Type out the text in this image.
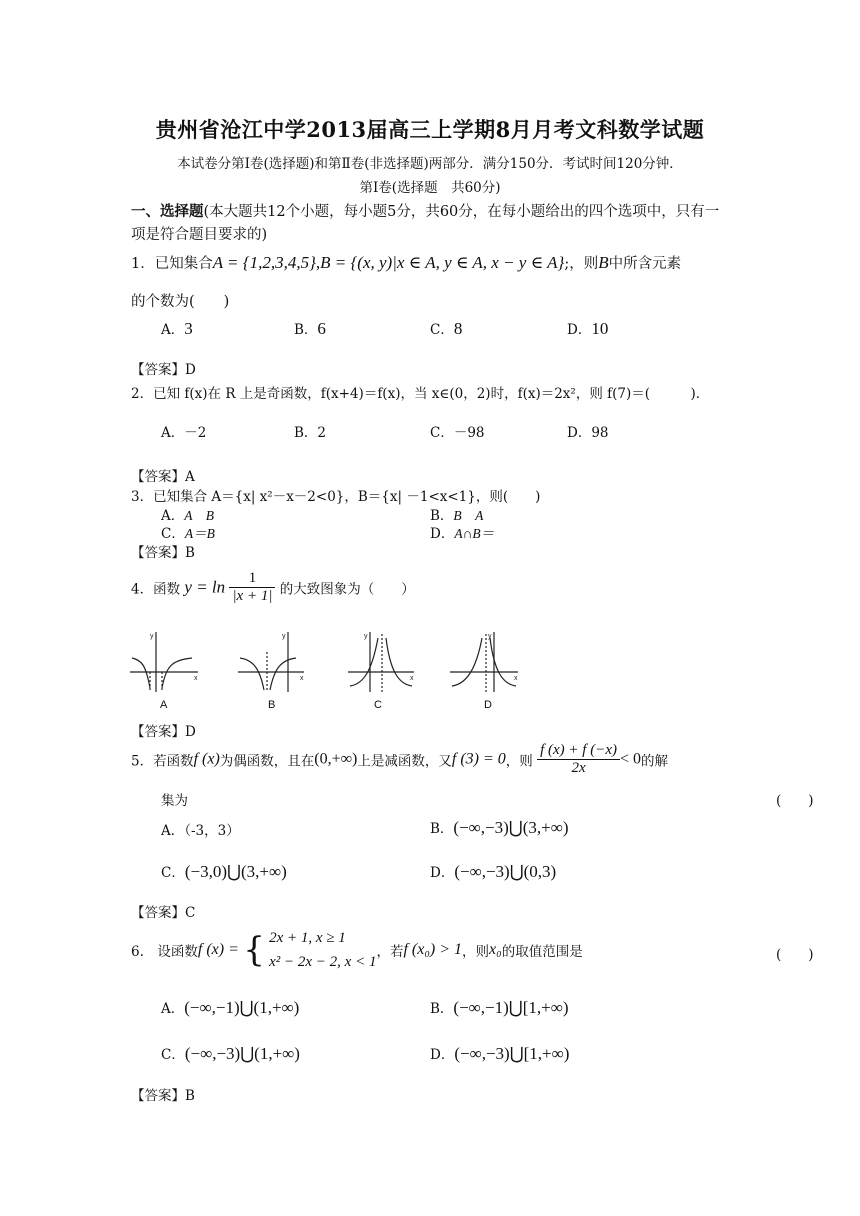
贵州省沧江中学2013届高三上学期8月月考文科数学试题
本试卷分第Ⅰ卷(选择题)和第Ⅱ卷(非选择题)两部分．满分150分．考试时间120分钟．
第Ⅰ卷(选择题　共60分)
一、选择题(本大题共12个小题，每小题5分，共60分，在每小题给出的四个选项中，只有一
项是符合题目要求的)
1．已知集合A = {1,2,3,4,5},B = {(x, y)|x ∈ A, y ∈ A, x − y ∈ A};，则B中所含元素
的个数为(　　)
A．3	B．6	C．8	D．10
【答案】D
2．已知 f(x)在 R 上是奇函数，f(x+4)＝f(x)，当 x∈(0，2)时，f(x)＝2x²，则 f(7)＝(　　　)．
A．－2	B．2	C．－98	D．98
【答案】A
3．已知集合 A＝{x| x²－x－2<0}，B＝{x| －1<x<1}，则(　　)
A．A　B	B．B　A
C．A＝B	D．A∩B＝
【答案】B
4．函数 $y = \ln \frac{1}{|x + 1|}$ 的大致图象为（　　）
y
x
y
x
y
x
y
x
A	B	C	D
【答案】D
5．若函数f (x)为偶函数，且在(0,+∞)上是减函数，又f (3) = 0，则 $\frac{f (x) + f (-x)}{2x} < 0$的解
集为	(　　)
A．（-3，3）	B．(−∞,−3)⋃(3,+∞)
C．(−3,0)⋃(3,+∞)	D．(−∞,−3)⋃(0,3)
【答案】C
6.　设函数f (x) = { 2x + 1, x ≥ 1
x² − 2x − 2, x < 1
，若f (x₀) > 1，则x₀的取值范围是	(　　)
A．(−∞,−1)⋃(1,+∞)	B．(−∞,−1)⋃[1,+∞)
C．(−∞,−3)⋃(1,+∞)	D．(−∞,−3)⋃[1,+∞)
【答案】B
